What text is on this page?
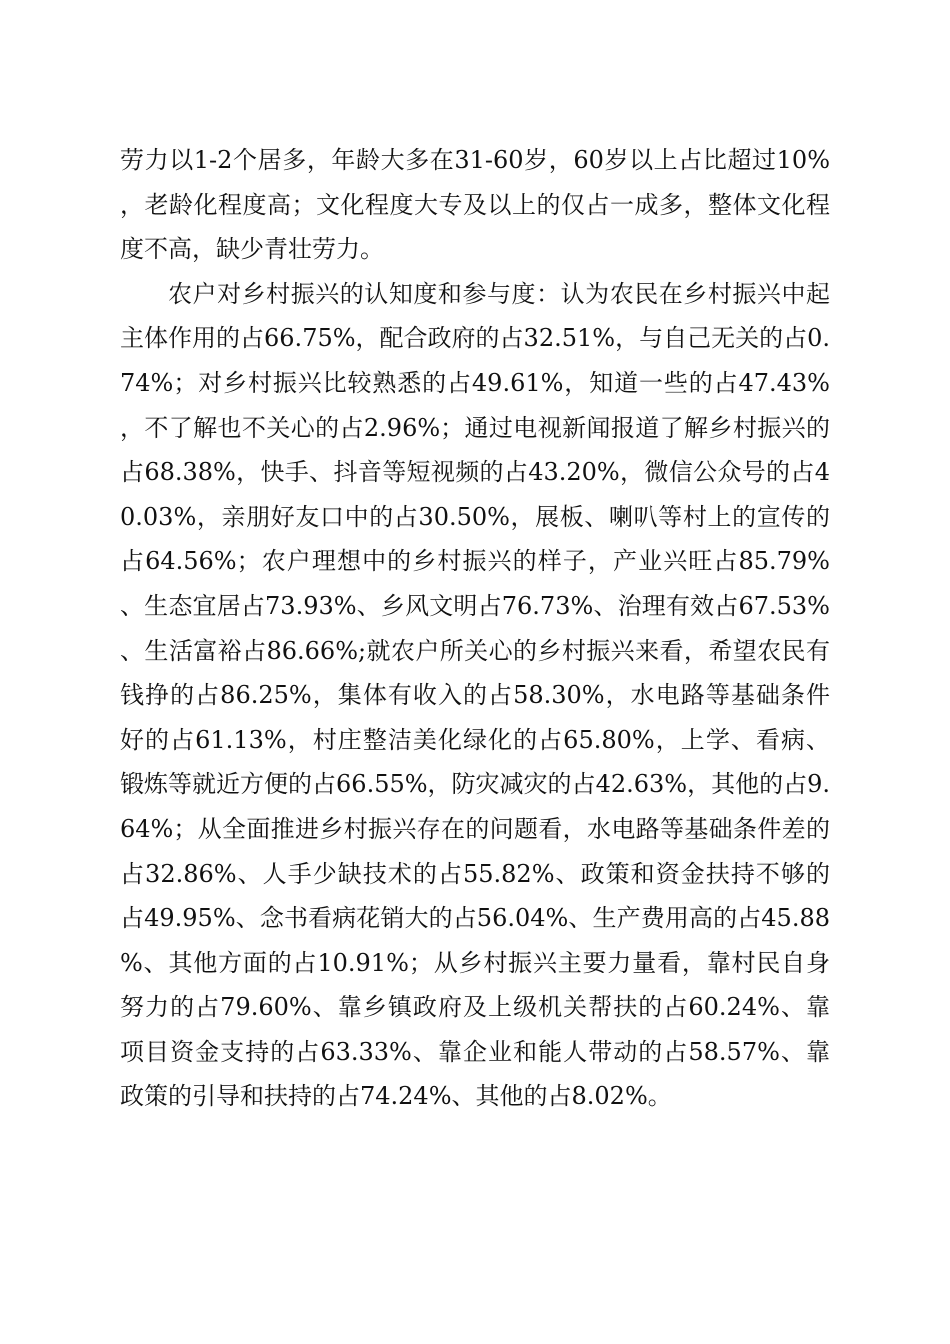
劳力以1-2个居多，年龄大多在31-60岁，60岁以上占比超过10%，老龄化程度高；文化程度大专及以上的仅占一成多，整体文化程度不高，缺少青壮劳力。

农户对乡村振兴的认知度和参与度：认为农民在乡村振兴中起主体作用的占66.75%，配合政府的占32.51%，与自己无关的占0.74%；对乡村振兴比较熟悉的占49.61%，知道一些的占47.43%，不了解也不关心的占2.96%；通过电视新闻报道了解乡村振兴的占68.38%，快手、抖音等短视频的占43.20%，微信公众号的占40.03%，亲朋好友口中的占30.50%，展板、喇叭等村上的宣传的占64.56%；农户理想中的乡村振兴的样子，产业兴旺占85.79%、生态宜居占73.93%、乡风文明占76.73%、治理有效占67.53%、生活富裕占86.66%;就农户所关心的乡村振兴来看，希望农民有钱挣的占86.25%，集体有收入的占58.30%，水电路等基础条件好的占61.13%，村庄整洁美化绿化的占65.80%，上学、看病、锻炼等就近方便的占66.55%，防灾减灾的占42.63%，其他的占9.64%；从全面推进乡村振兴存在的问题看，水电路等基础条件差的占32.86%、人手少缺技术的占55.82%、政策和资金扶持不够的占49.95%、念书看病花销大的占56.04%、生产费用高的占45.88%、其他方面的占10.91%；从乡村振兴主要力量看，靠村民自身努力的占79.60%、靠乡镇政府及上级机关帮扶的占60.24%、靠项目资金支持的占63.33%、靠企业和能人带动的占58.57%、靠政策的引导和扶持的占74.24%、其他的占8.02%。
